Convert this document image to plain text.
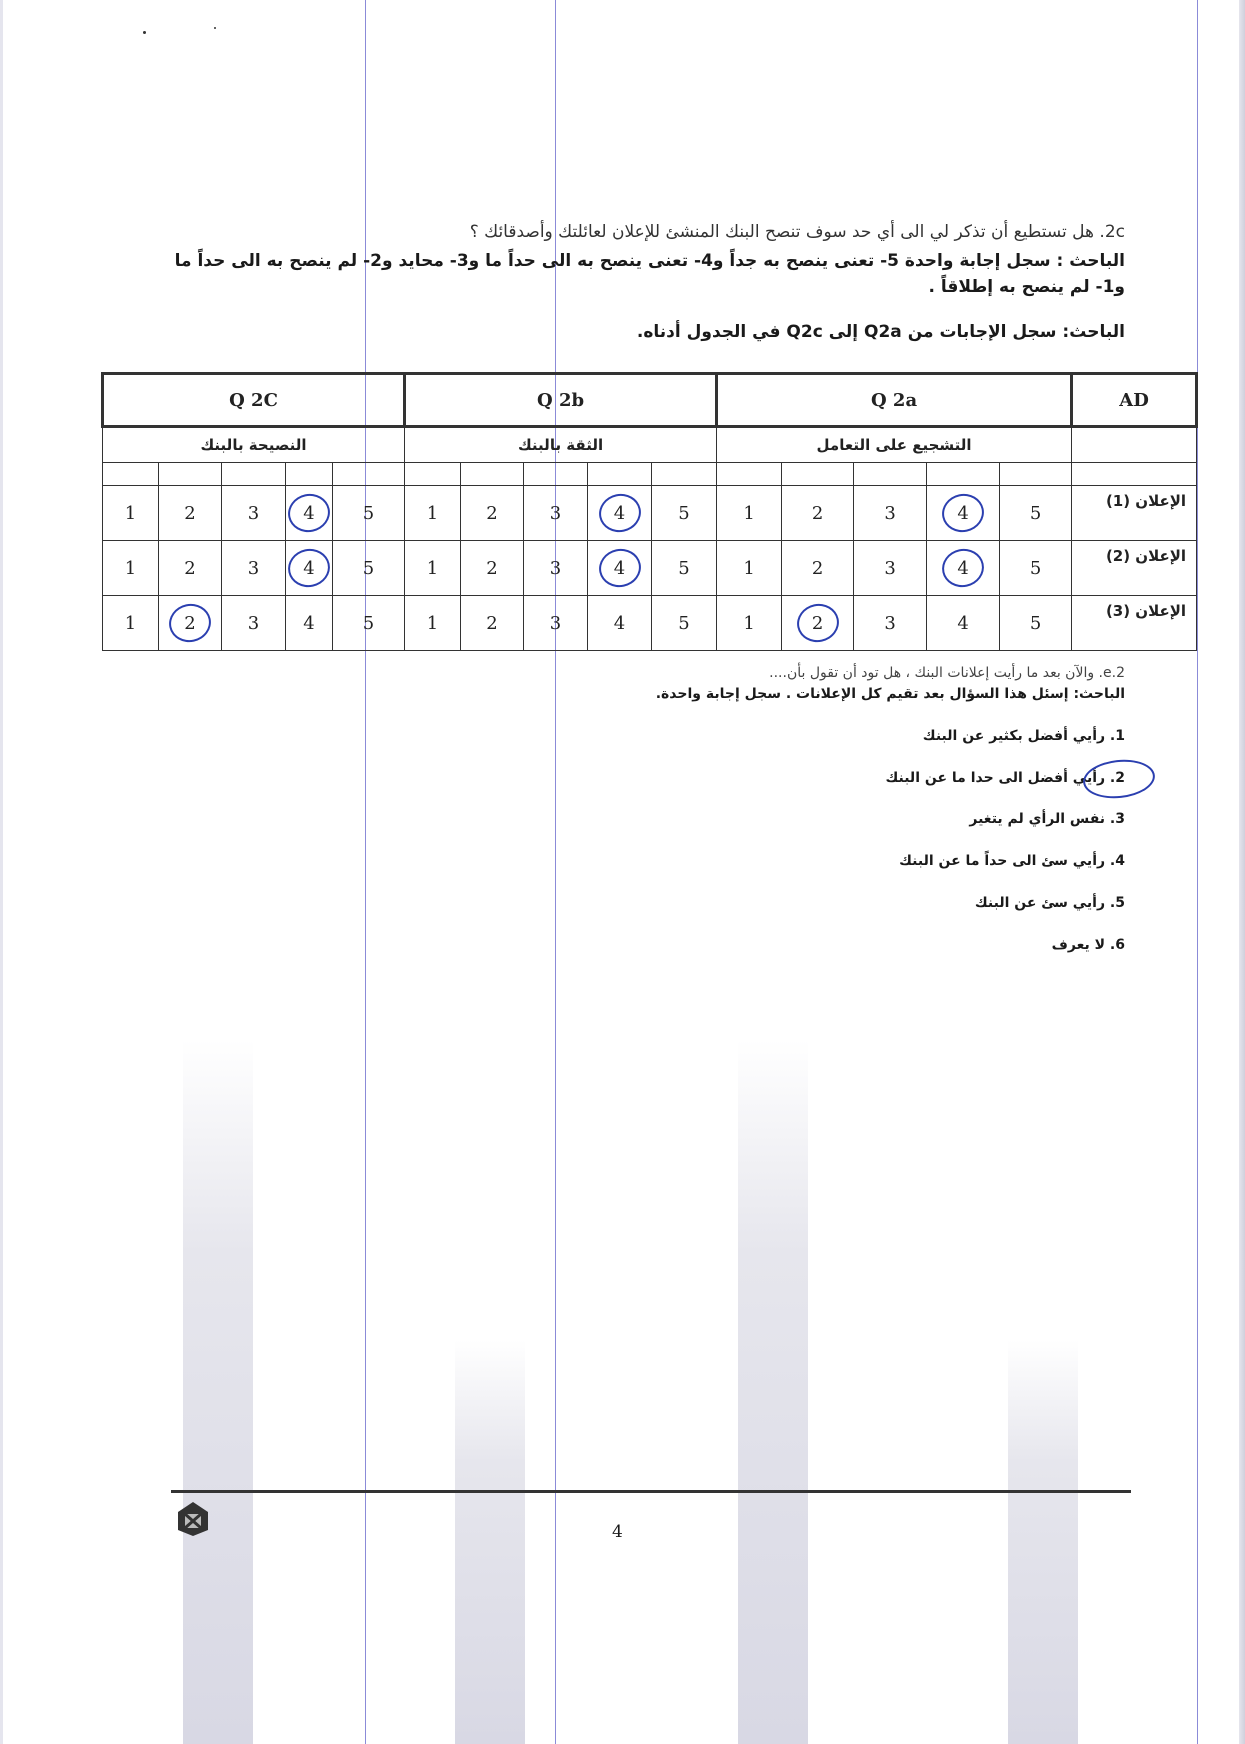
2c. هل تستطيع أن تذكر لي الى أي حد سوف تنصح البنك المنشئ للإعلان لعائلتك وأصدقائك ؟
الباحث : سجل إجابة واحدة 5- تعنى ينصح به جداً و4- تعنى ينصح به الى حداً ما و3- محايد و2- لم ينصح به الى حداً ما و1- لم ينصح به إطلاقاً .
الباحث: سجل الإجابات من Q2a إلى Q2c في الجدول أدناه.
Q 2C					Q 2b					Q 2a					AD
النصيحة بالبنك					الثقة بالبنك					التشجيع على التعامل					

1	2	3	4	5	1	2	3	4	5	1	2	3	4	5	الإعلان (1)
1	2	3	4	5	1	2	3	4	5	1	2	3	4	5	الإعلان (2)
1	2	3	4	5	1	2	3	4	5	1	2	3	4	5	الإعلان (3)
2.e. والآن بعد ما رأيت إعلانات البنك ، هل تود أن تقول بأن....
الباحث: إسئل هذا السؤال بعد تقيم كل الإعلانات . سجل إجابة واحدة.
1. رأيي أفضل بكثير عن البنك
2. رأيي أفضل الى حدا ما عن البنك
3. نفس الرأي لم يتغير
4. رأيي سئ الى حداً ما عن البنك
5. رأيي سئ عن البنك
6. لا يعرف
4
